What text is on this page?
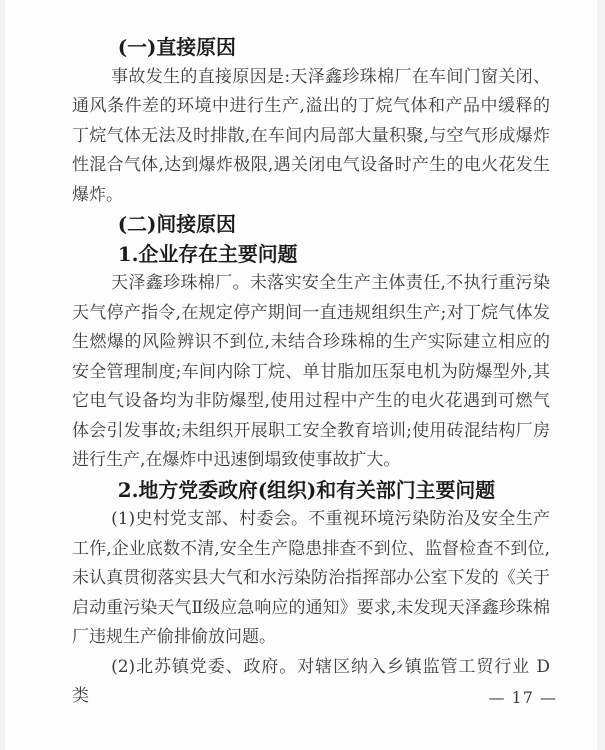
(一)直接原因

事故发生的直接原因是:天泽鑫珍珠棉厂在车间门窗关闭、通风条件差的环境中进行生产,溢出的丁烷气体和产品中缓释的丁烷气体无法及时排散,在车间内局部大量积聚,与空气形成爆炸性混合气体,达到爆炸极限,遇关闭电气设备时产生的电火花发生爆炸。

(二)间接原因
1.企业存在主要问题

天泽鑫珍珠棉厂。未落实安全生产主体责任,不执行重污染天气停产指令,在规定停产期间一直违规组织生产;对丁烷气体发生燃爆的风险辨识不到位,未结合珍珠棉的生产实际建立相应的安全管理制度;车间内除丁烷、单甘脂加压泵电机为防爆型外,其它电气设备均为非防爆型,使用过程中产生的电火花遇到可燃气体会引发事故;未组织开展职工安全教育培训;使用砖混结构厂房进行生产,在爆炸中迅速倒塌致使事故扩大。

2.地方党委政府(组织)和有关部门主要问题

(1)史村党支部、村委会。不重视环境污染防治及安全生产工作,企业底数不清,安全生产隐患排查不到位、监督检查不到位,未认真贯彻落实县大气和水污染防治指挥部办公室下发的《关于启动重污染天气Ⅱ级应急响应的通知》要求,未发现天泽鑫珍珠棉厂违规生产偷排偷放问题。

(2)北苏镇党委、政府。对辖区纳入乡镇监管工贸行业 D 类	— 17 —
